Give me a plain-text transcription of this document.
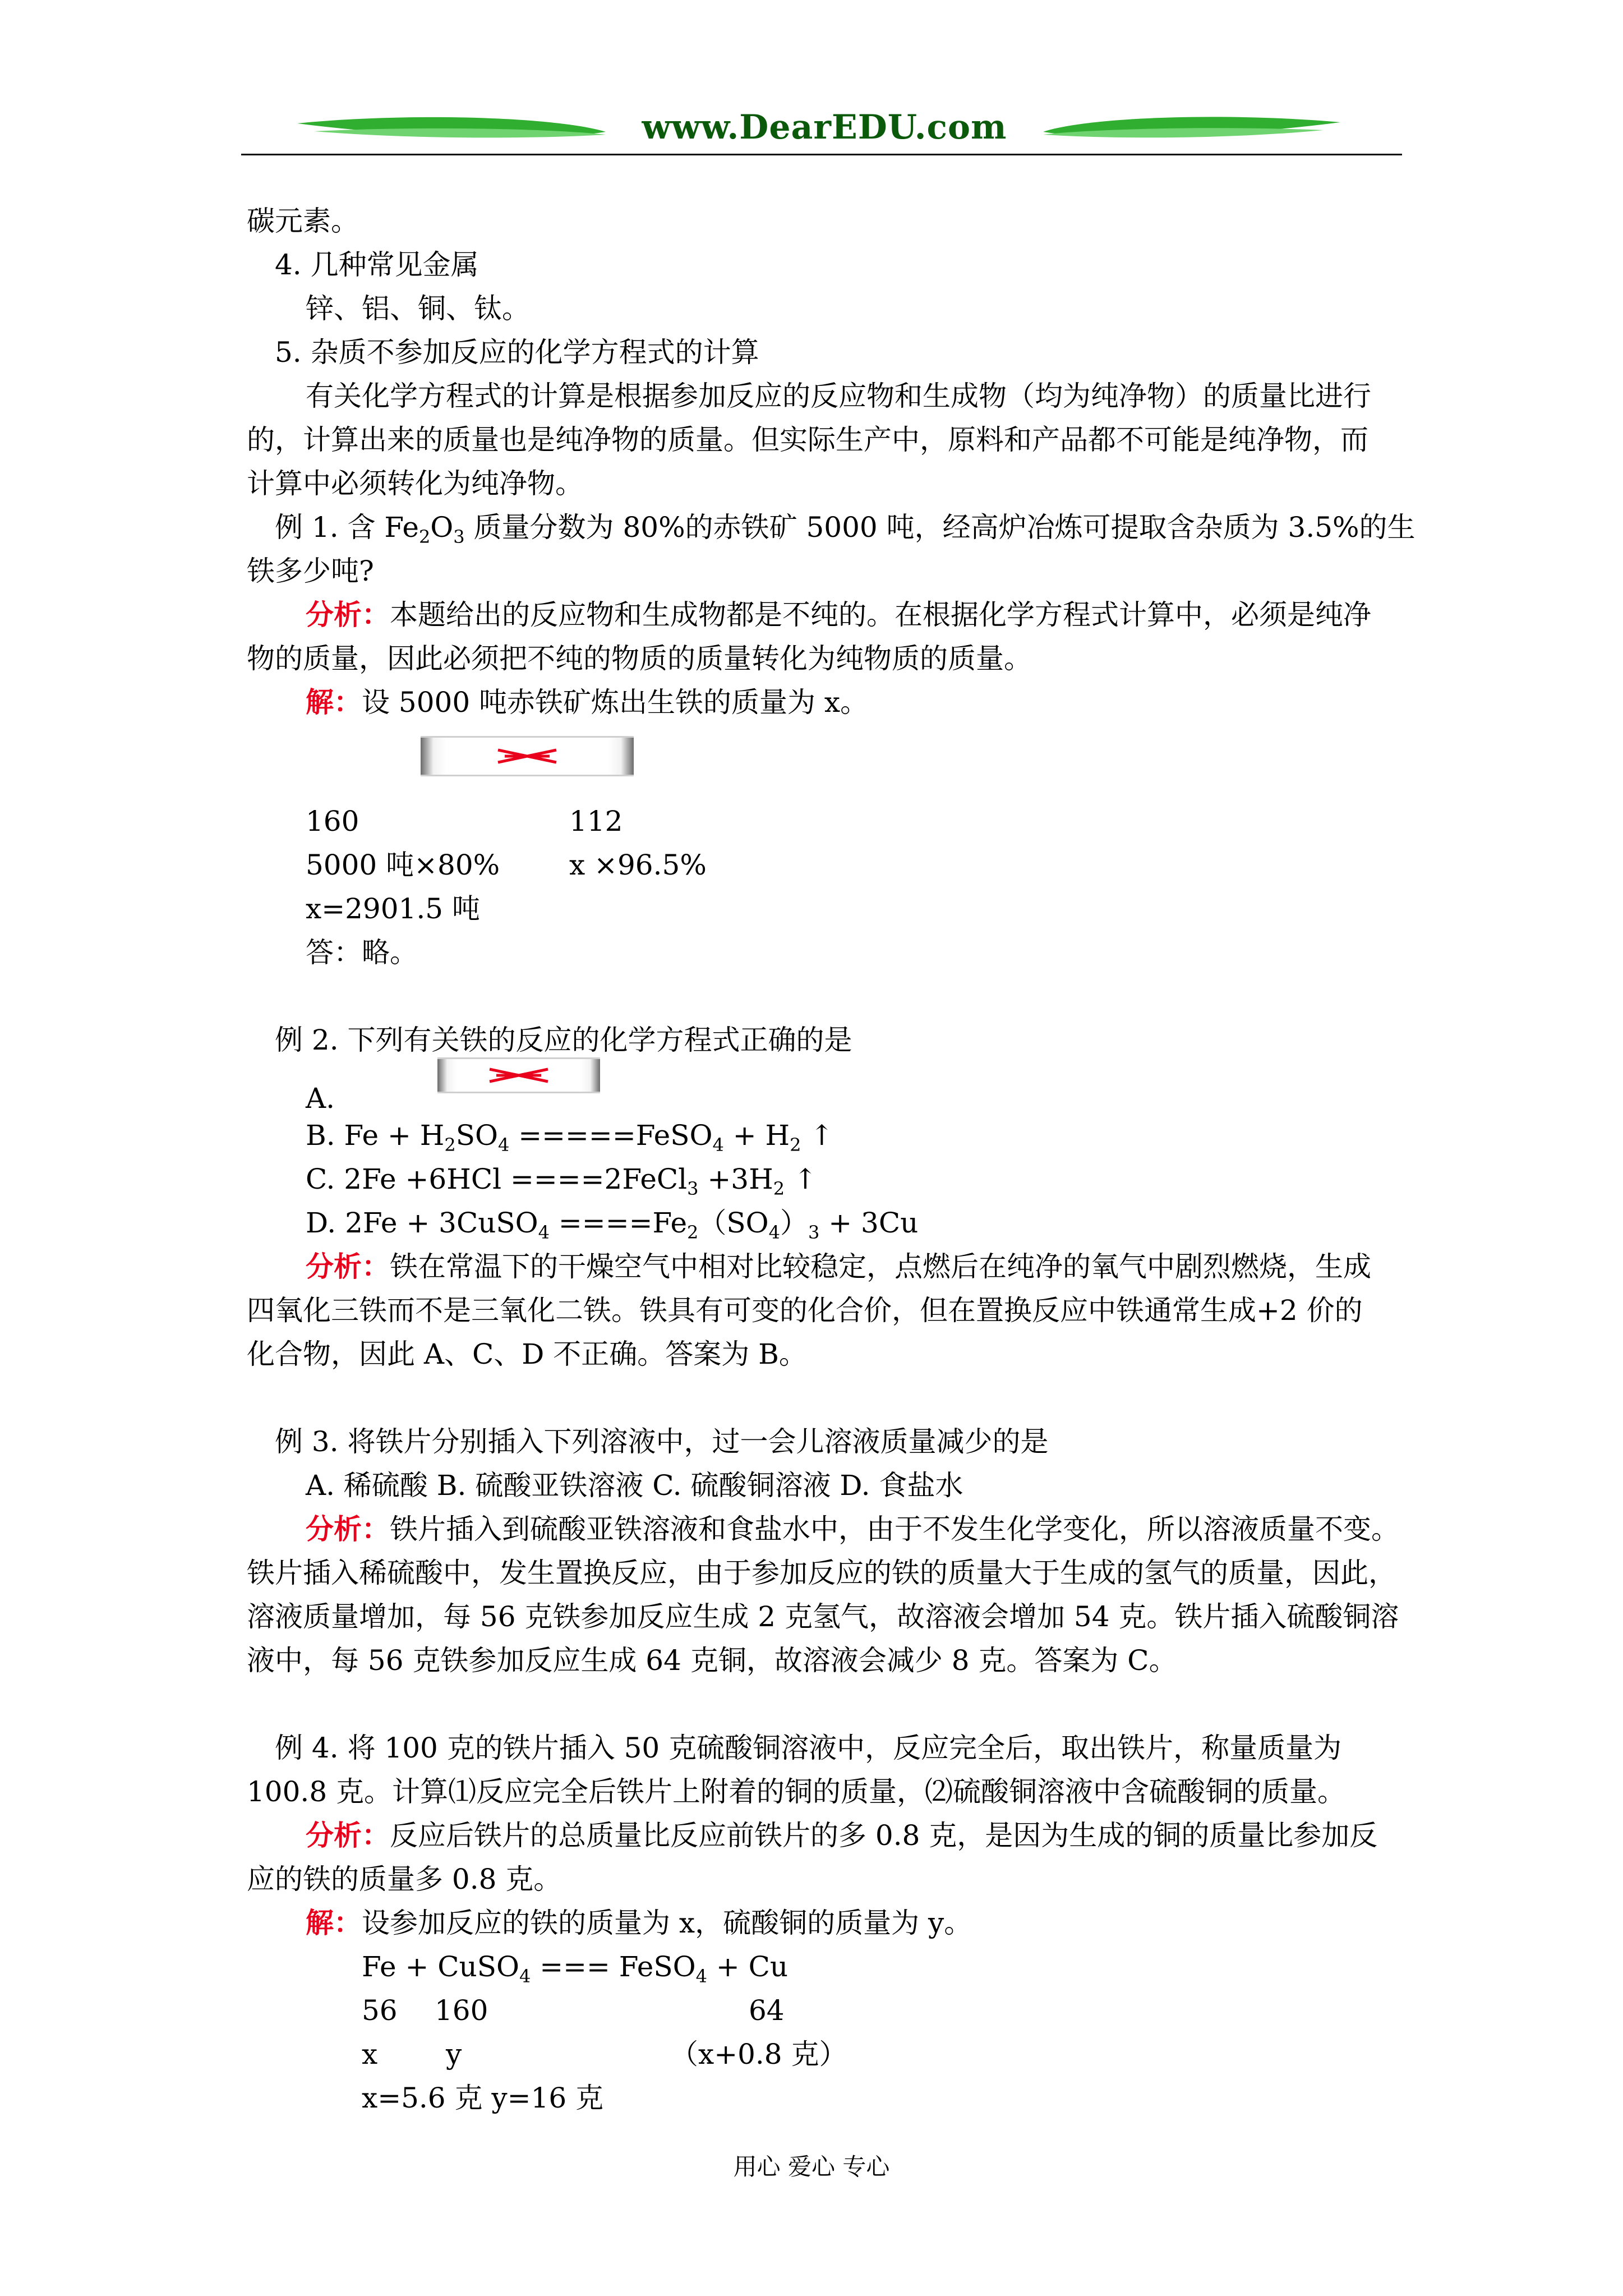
www.DearEDU.com
碳元素。
4. 几种常见金属
锌、铝、铜、钛。
5. 杂质不参加反应的化学方程式的计算
有关化学方程式的计算是根据参加反应的反应物和生成物（均为纯净物）的质量比进行
的，计算出来的质量也是纯净物的质量。但实际生产中，原料和产品都不可能是纯净物，而
计算中必须转化为纯净物。
例 1. 含 $Fe_2O_3$ 质量分数为 80%的赤铁矿 5000 吨，经高炉冶炼可提取含杂质为 3.5%的生
铁多少吨?
分析：本题给出的反应物和生成物都是不纯的。在根据化学方程式计算中，必须是纯净
物的质量，因此必须把不纯的物质的质量转化为纯物质的质量。
解：设 5000 吨赤铁矿炼出生铁的质量为 x。
160	112
5000 吨×80% x ×96.5%
x=2901.5 吨
答：略。
例 2. 下列有关铁的反应的化学方程式正确的是
A.
B. $Fe + H_2SO_4$ =====FeSO$_4$ + $H_2$ ↑
C. 2Fe +6HCl ====2FeCl$_3$ $+3H_2$ ↑
D. 2Fe + 3CuSO$_4$ $====Fe_2(SO_4)_3 + 3Cu$
分析：铁在常温下的干燥空气中相对比较稳定，点燃后在纯净的氧气中剧烈燃烧，生成
四氧化三铁而不是三氧化二铁。铁具有可变的化合价，但在置换反应中铁通常生成+2 价的
化合物，因此 A、C、D 不正确。答案为 B。
例 3. 将铁片分别插入下列溶液中，过一会儿溶液质量减少的是
A. 稀硫酸 B. 硫酸亚铁溶液 C. 硫酸铜溶液 D. 食盐水
分析：铁片插入到硫酸亚铁溶液和食盐水中，由于不发生化学变化，所以溶液质量不变。
铁片插入稀硫酸中，发生置换反应，由于参加反应的铁的质量大于生成的氢气的质量，因此，
溶液质量增加，每 56 克铁参加反应生成 2 克氢气，故溶液会增加 54 克。铁片插入硫酸铜溶
液中，每 56 克铁参加反应生成 64 克铜，故溶液会减少 8 克。答案为 C。
例 4. 将 100 克的铁片插入 50 克硫酸铜溶液中，反应完全后，取出铁片，称量质量为
100.8 克。计算⑴反应完全后铁片上附着的铜的质量，⑵硫酸铜溶液中含硫酸铜的质量。
分析：反应后铁片的总质量比反应前铁片的多 0.8 克，是因为生成的铜的质量比参加反
应的铁的质量多 0.8 克。
解：设参加反应的铁的质量为 x，硫酸铜的质量为 y。
Fe + CuSO$_4$ === FeSO$_4$ + Cu
56 160	64
x y	（x+0.8 克）
x=5.6 克 y=16 克
用心 爱心 专心
